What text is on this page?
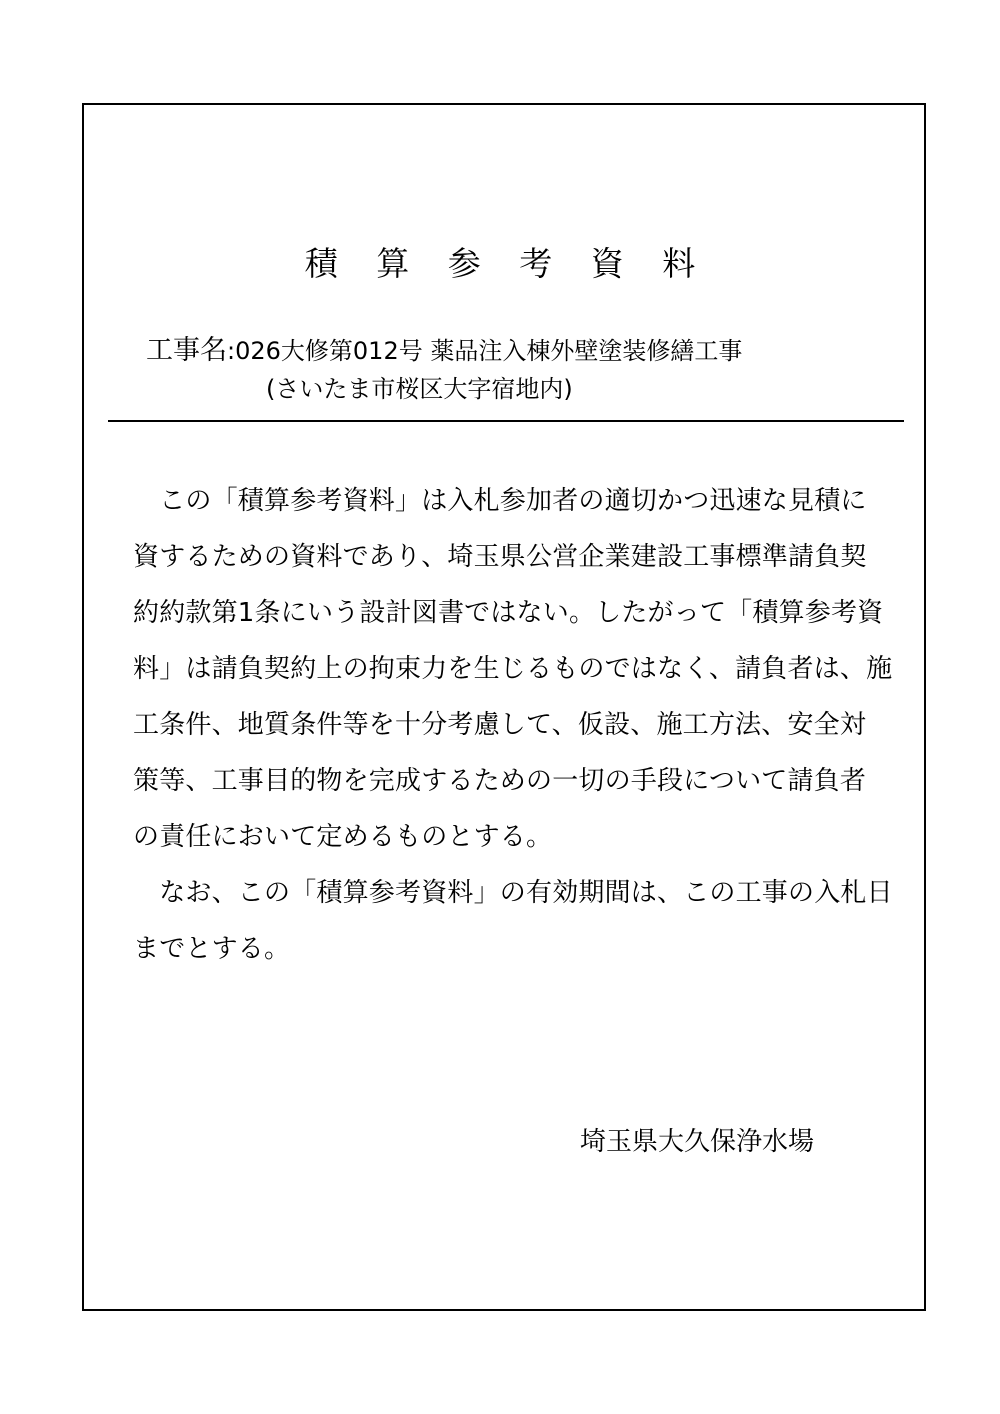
積 算 参 考 資 料
工事名:026大修第012号 薬品注入棟外壁塗装修繕工事
(さいたま市桜区大字宿地内)
　この「積算参考資料」は入札参加者の適切かつ迅速な見積に
資するための資料であり、埼玉県公営企業建設工事標準請負契
約約款第1条にいう設計図書ではない。したがって「積算参考資
料」は請負契約上の拘束力を生じるものではなく、請負者は、施
工条件、地質条件等を十分考慮して、仮設、施工方法、安全対
策等、工事目的物を完成するための一切の手段について請負者
の責任において定めるものとする。
　なお、この「積算参考資料」の有効期間は、この工事の入札日
までとする。
埼玉県大久保浄水場
